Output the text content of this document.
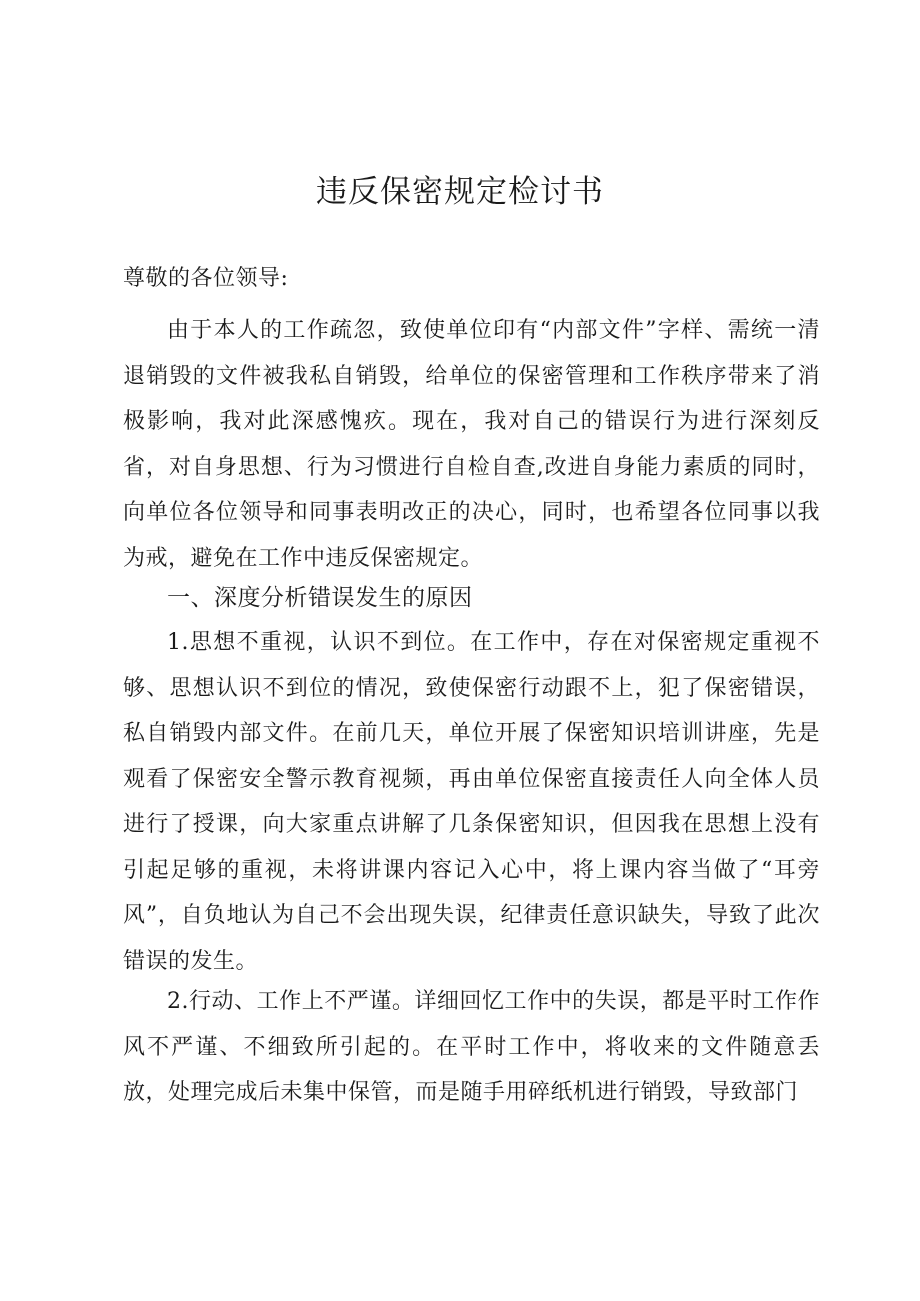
违反保密规定检讨书

尊敬的各位领导:

由于本人的工作疏忽，致使单位印有“内部文件”字样、需统一清退销毁的文件被我私自销毁，给单位的保密管理和工作秩序带来了消极影响，我对此深感愧疚。现在，我对自己的错误行为进行深刻反省，对自身思想、行为习惯进行自检自查,改进自身能力素质的同时，向单位各位领导和同事表明改正的决心，同时，也希望各位同事以我为戒，避免在工作中违反保密规定。

一、深度分析错误发生的原因

1.思想不重视，认识不到位。在工作中，存在对保密规定重视不够、思想认识不到位的情况，致使保密行动跟不上，犯了保密错误，私自销毁内部文件。在前几天，单位开展了保密知识培训讲座，先是观看了保密安全警示教育视频，再由单位保密直接责任人向全体人员进行了授课，向大家重点讲解了几条保密知识，但因我在思想上没有引起足够的重视，未将讲课内容记入心中，将上课内容当做了“耳旁风”，自负地认为自己不会出现失误，纪律责任意识缺失，导致了此次错误的发生。

2.行动、工作上不严谨。详细回忆工作中的失误，都是平时工作作风不严谨、不细致所引起的。在平时工作中，将收来的文件随意丢放，处理完成后未集中保管，而是随手用碎纸机进行销毁，导致部门
